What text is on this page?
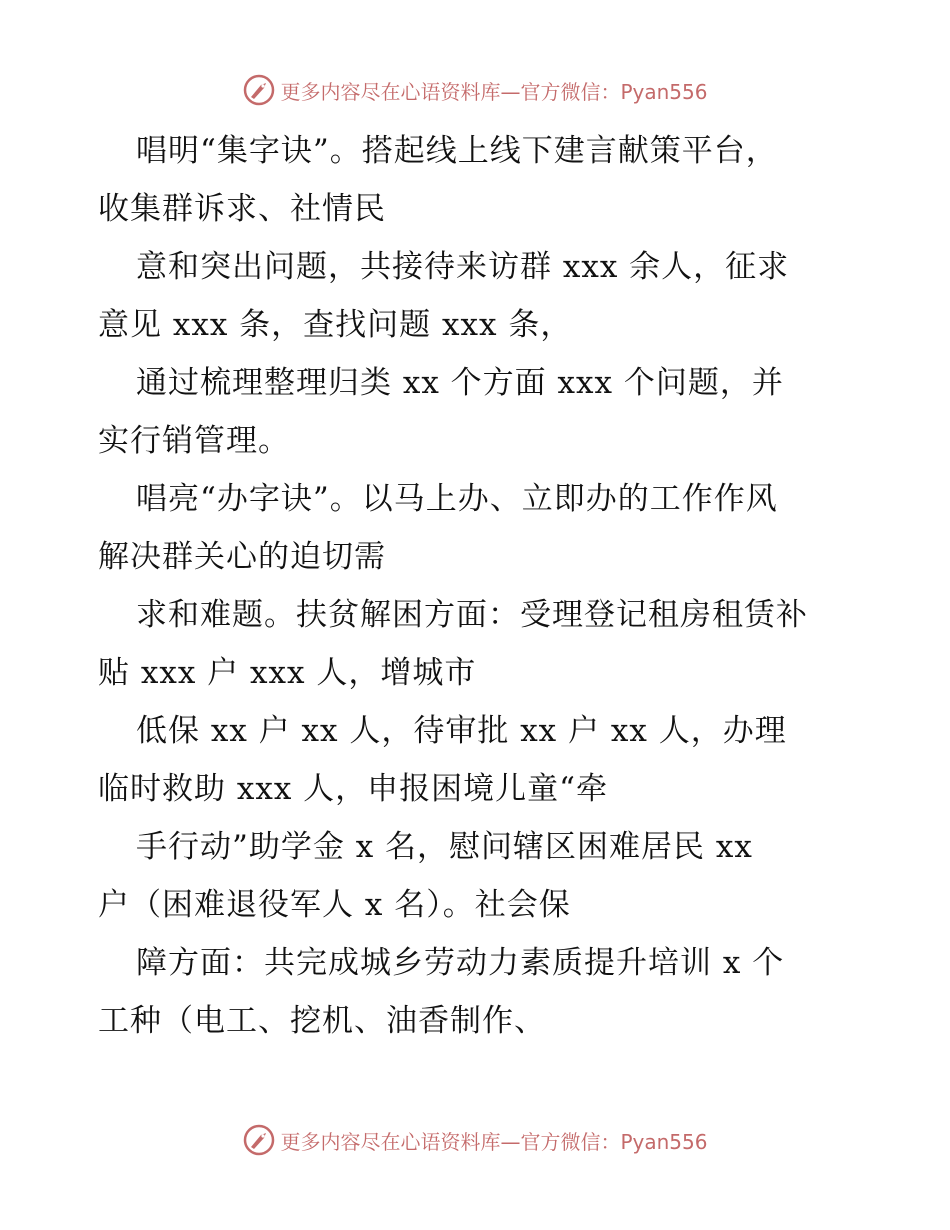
更多内容尽在心语资料库—官方微信：Pyan556

唱明“集字诀”。搭起线上线下建言献策平台，

收集群诉求、社情民

意和突出问题，共接待来访群 xxx 余人，征求

意见 xxx 条，查找问题 xxx 条，

通过梳理整理归类 xx 个方面 xxx 个问题，并

实行销管理。

唱亮“办字诀”。以马上办、立即办的工作作风

解决群关心的迫切需

求和难题。扶贫解困方面：受理登记租房租赁补

贴 xxx 户 xxx 人，增城市

低保 xx 户 xx 人，待审批 xx 户 xx 人，办理

临时救助 xxx 人，申报困境儿童“牵

手行动”助学金 x 名，慰问辖区困难居民 xx

户（困难退役军人 x 名）。社会保

障方面：共完成城乡劳动力素质提升培训 x 个

工种（电工、挖机、油香制作、

更多内容尽在心语资料库—官方微信：Pyan556
